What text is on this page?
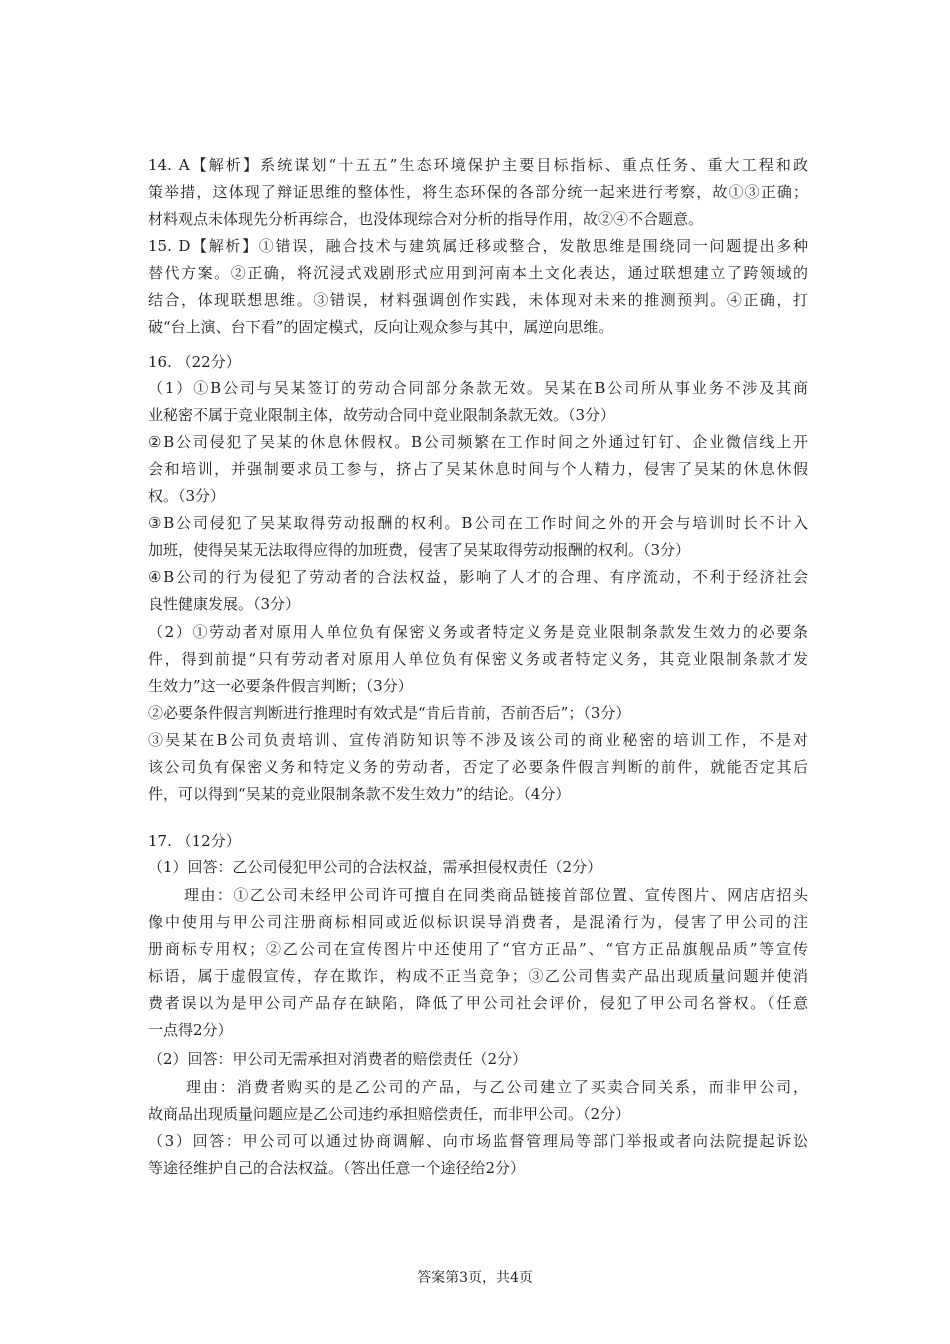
14. A【解析】系统谋划“十五五”生态环境保护主要目标指标、重点任务、重大工程和政
策举措，这体现了辩证思维的整体性，将生态环保的各部分统一起来进行考察，故①③正确；
材料观点未体现先分析再综合，也没体现综合对分析的指导作用，故②④不合题意。
15. D【解析】①错误，融合技术与建筑属迁移或整合，发散思维是围绕同一问题提出多种
替代方案。②正确，将沉浸式戏剧形式应用到河南本土文化表达，通过联想建立了跨领域的
结合，体现联想思维。③错误，材料强调创作实践，未体现对未来的推测预判。④正确，打
破“台上演、台下看”的固定模式，反向让观众参与其中，属逆向思维。
16. （22分）
（1）①B公司与吴某签订的劳动合同部分条款无效。吴某在B公司所从事业务不涉及其商
业秘密不属于竞业限制主体，故劳动合同中竞业限制条款无效。（3分）
②B公司侵犯了吴某的休息休假权。B公司频繁在工作时间之外通过钉钉、企业微信线上开
会和培训，并强制要求员工参与，挤占了吴某休息时间与个人精力，侵害了吴某的休息休假
权。（3分）
③B公司侵犯了吴某取得劳动报酬的权利。B公司在工作时间之外的开会与培训时长不计入
加班，使得吴某无法取得应得的加班费，侵害了吴某取得劳动报酬的权利。（3分）
④B公司的行为侵犯了劳动者的合法权益，影响了人才的合理、有序流动，不利于经济社会
良性健康发展。（3分）
（2）①劳动者对原用人单位负有保密义务或者特定义务是竞业限制条款发生效力的必要条
件，得到前提“只有劳动者对原用人单位负有保密义务或者特定义务，其竞业限制条款才发
生效力”这一必要条件假言判断；（3分）
②必要条件假言判断进行推理时有效式是“肯后肯前，否前否后”；（3分）
③吴某在B公司负责培训、宣传消防知识等不涉及该公司的商业秘密的培训工作，不是对
该公司负有保密义务和特定义务的劳动者，否定了必要条件假言判断的前件，就能否定其后
件，可以得到“吴某的竞业限制条款不发生效力”的结论。（4分）
17. （12分）
（1）回答：乙公司侵犯甲公司的合法权益，需承担侵权责任（2分）
理由：①乙公司未经甲公司许可擅自在同类商品链接首部位置、宣传图片、网店店招头
像中使用与甲公司注册商标相同或近似标识误导消费者，是混淆行为，侵害了甲公司的注
册商标专用权；②乙公司在宣传图片中还使用了“官方正品”、“官方正品旗舰品质”等宣传
标语，属于虚假宣传，存在欺诈，构成不正当竞争；③乙公司售卖产品出现质量问题并使消
费者误以为是甲公司产品存在缺陷，降低了甲公司社会评价，侵犯了甲公司名誉权。（任意
一点得2分）
（2）回答：甲公司无需承担对消费者的赔偿责任（2分）
理由：消费者购买的是乙公司的产品，与乙公司建立了买卖合同关系，而非甲公司，
故商品出现质量问题应是乙公司违约承担赔偿责任，而非甲公司。（2分）
（3）回答：甲公司可以通过协商调解、向市场监督管理局等部门举报或者向法院提起诉讼
等途径维护自己的合法权益。（答出任意一个途径给2分）
答案第3页，共4页
